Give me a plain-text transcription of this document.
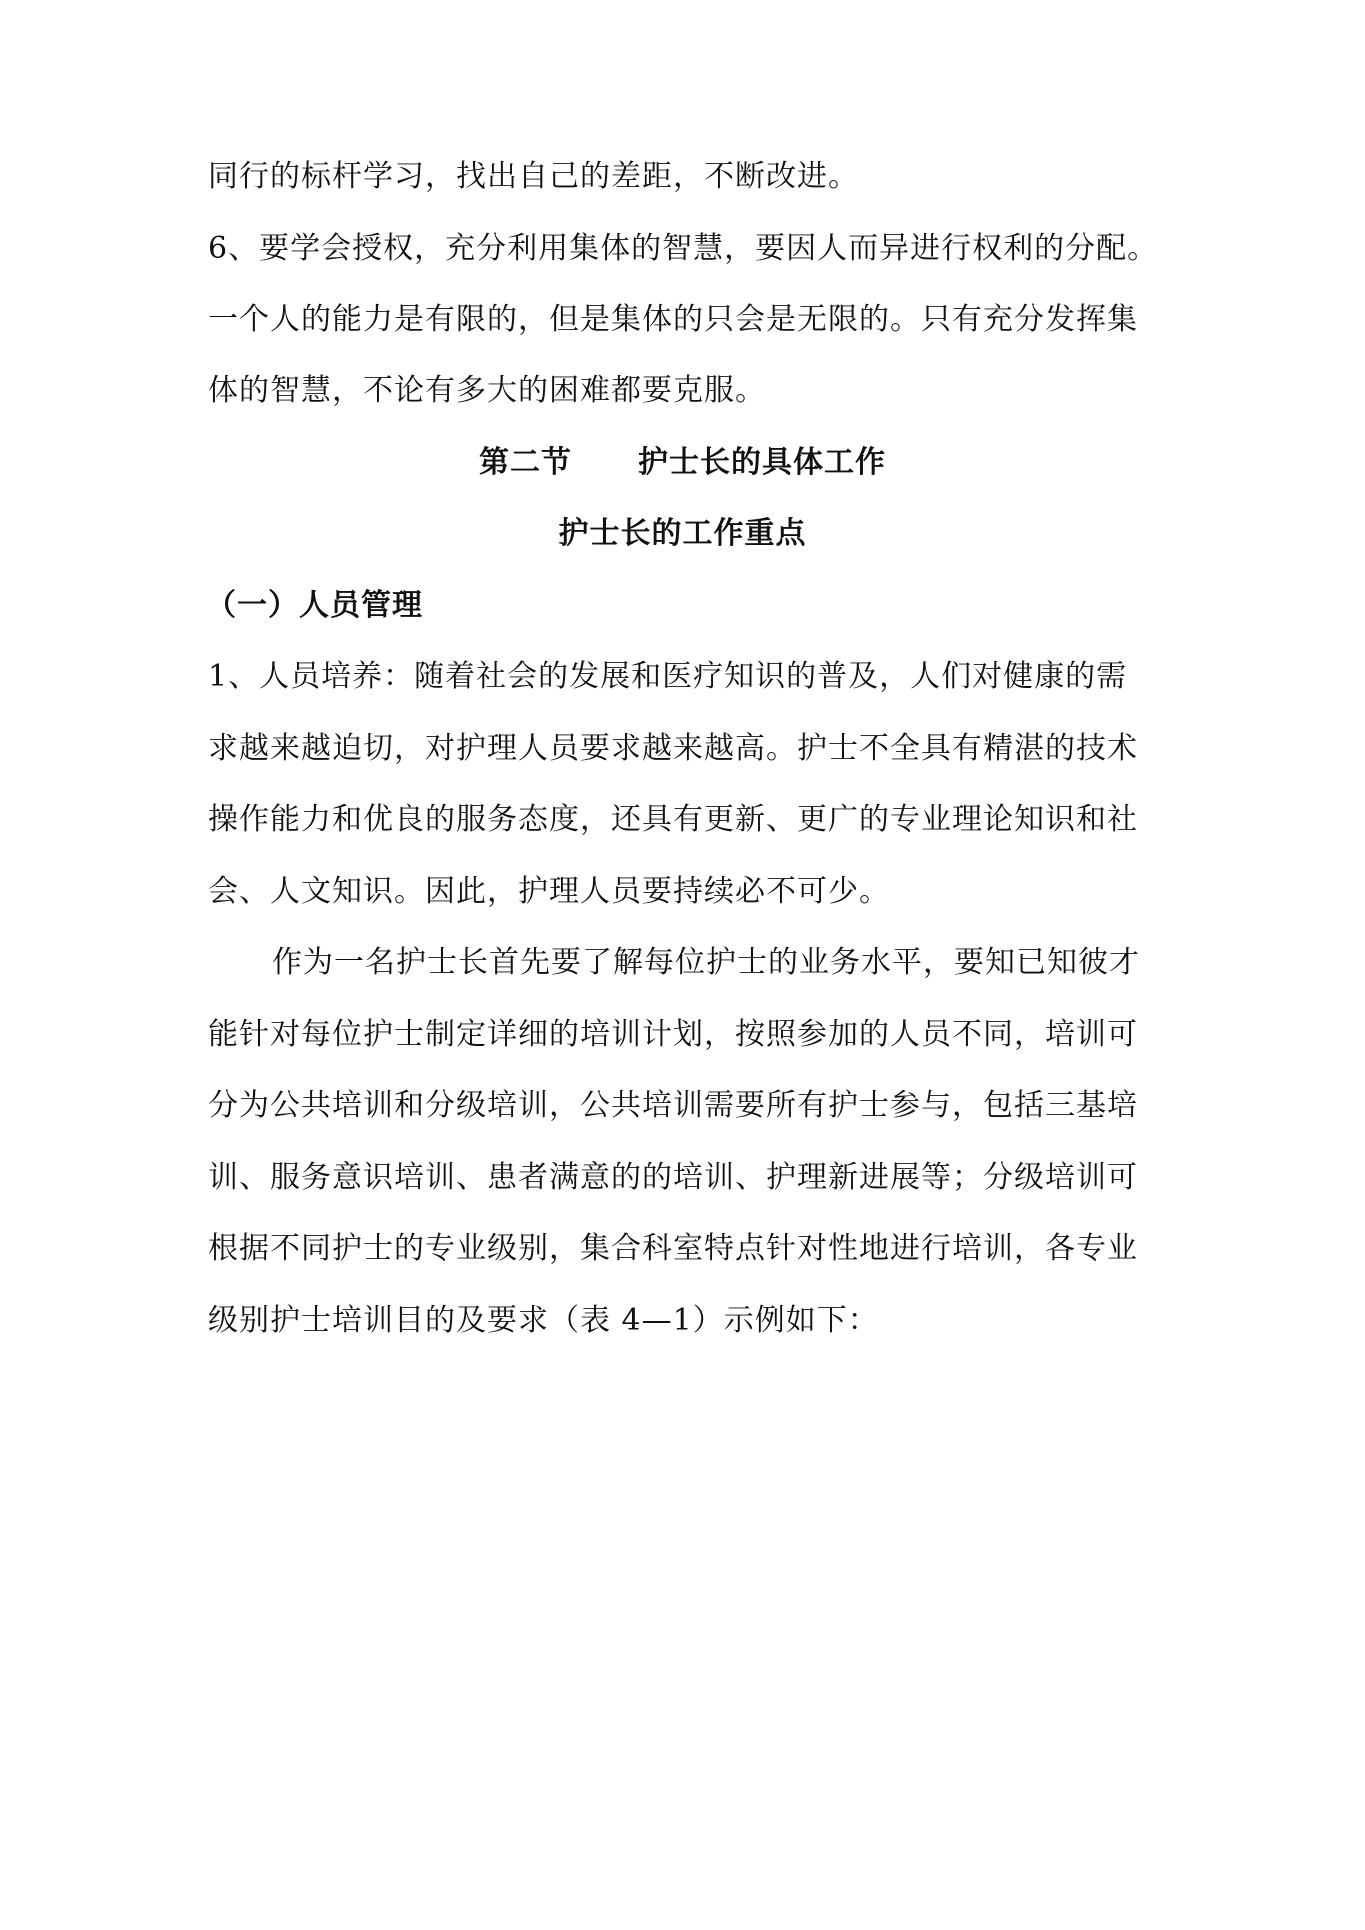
同行的标杆学习，找出自己的差距，不断改进。
6、要学会授权，充分利用集体的智慧，要因人而异进行权利的分配。
一个人的能力是有限的，但是集体的只会是无限的。只有充分发挥集
体的智慧，不论有多大的困难都要克服。
第二节 护士长的具体工作
护士长的工作重点
（一）人员管理
1、人员培养：随着社会的发展和医疗知识的普及，人们对健康的需
求越来越迫切，对护理人员要求越来越高。护士不全具有精湛的技术
操作能力和优良的服务态度，还具有更新、更广的专业理论知识和社
会、人文知识。因此，护理人员要持续必不可少。
作为一名护士长首先要了解每位护士的业务水平，要知已知彼才
能针对每位护士制定详细的培训计划，按照参加的人员不同，培训可
分为公共培训和分级培训，公共培训需要所有护士参与，包括三基培
训、服务意识培训、患者满意的的培训、护理新进展等；分级培训可
根据不同护士的专业级别，集合科室特点针对性地进行培训，各专业
级别护士培训目的及要求（表 4—1）示例如下：
